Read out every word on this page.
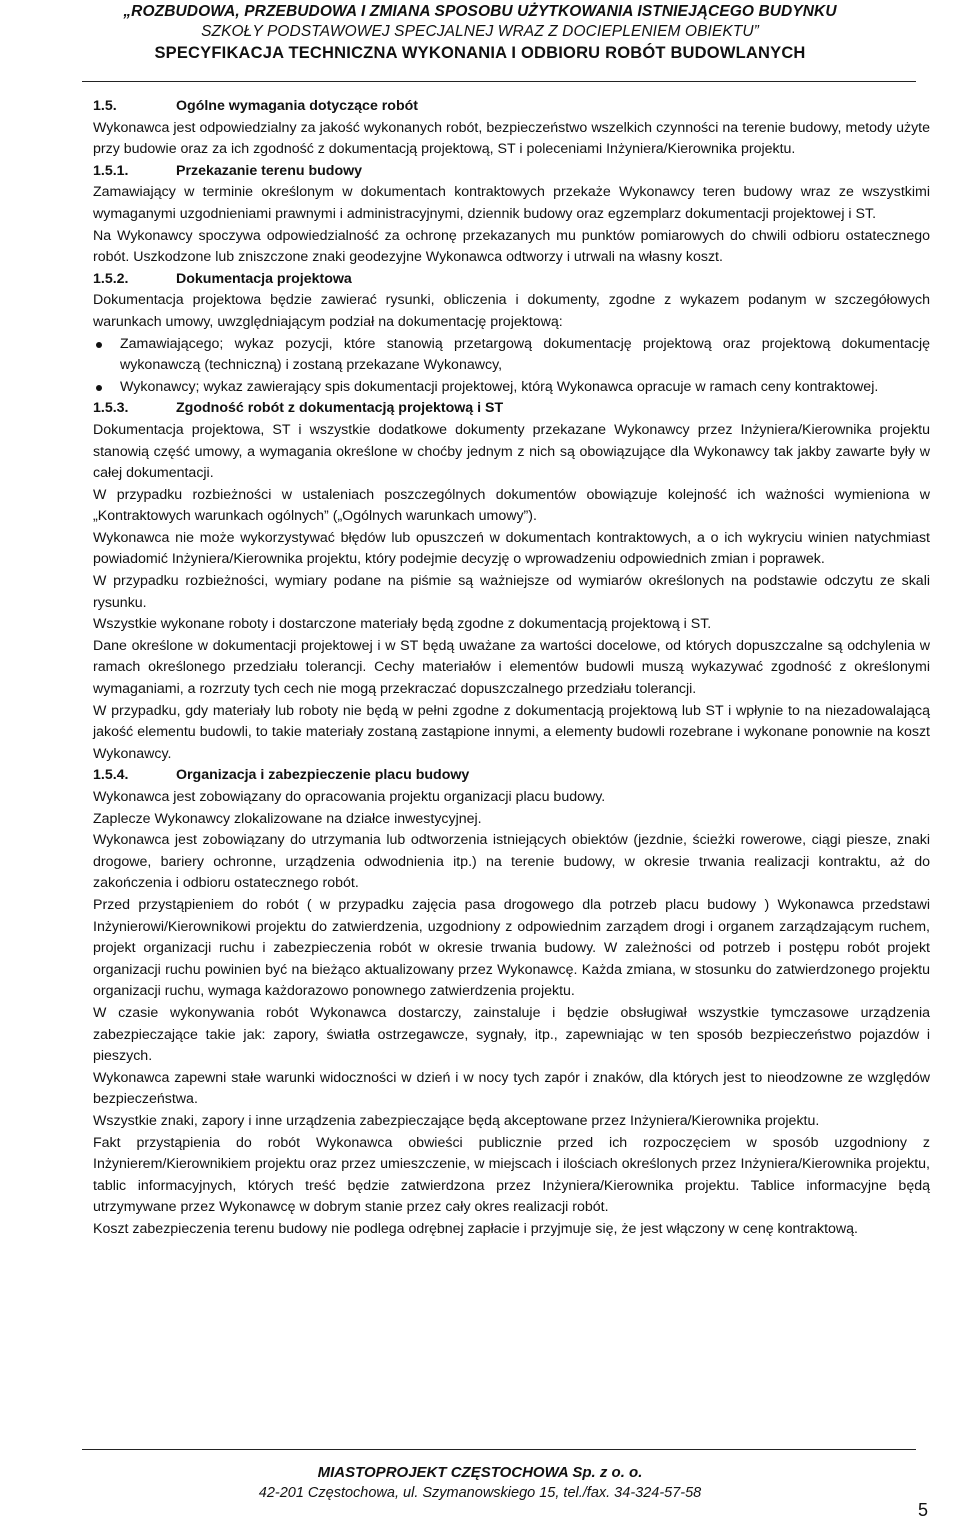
„ROZBUDOWA, PRZEBUDOWA I ZMIANA SPOSOBU UŻYTKOWANIA ISTNIEJĄCEGO BUDYNKU
SZKOŁY PODSTAWOWEJ SPECJALNEJ WRAZ Z DOCIEPLENIEM OBIEKTU”
SPECYFIKACJA TECHNICZNA WYKONANIA I ODBIORU ROBÓT BUDOWLANYCH
1.5.	Ogólne wymagania dotyczące robót

Wykonawca jest odpowiedzialny za jakość wykonanych robót, bezpieczeństwo wszelkich czynności na terenie budowy, metody użyte przy budowie oraz za ich zgodność z dokumentacją projektową, ST i poleceniami Inżyniera/Kierownika projektu.

1.5.1.	Przekazanie terenu budowy

Zamawiający w terminie określonym w dokumentach kontraktowych przekaże Wykonawcy teren budowy wraz ze wszystkimi wymaganymi uzgodnieniami prawnymi i administracyjnymi, dziennik budowy oraz egzemplarz dokumentacji projektowej i ST.

Na Wykonawcy spoczywa odpowiedzialność za ochronę przekazanych mu punktów pomiarowych do chwili odbioru ostatecznego robót. Uszkodzone lub zniszczone znaki geodezyjne Wykonawca odtworzy i utrwali na własny koszt.

1.5.2.	Dokumentacja projektowa

Dokumentacja projektowa będzie zawierać rysunki, obliczenia i dokumenty, zgodne z wykazem podanym w szczegółowych warunkach umowy, uwzględniającym podział na dokumentację projektową:

Zamawiającego; wykaz pozycji, które stanowią przetargową dokumentację projektową oraz projektową dokumentację wykonawczą (techniczną) i zostaną przekazane Wykonawcy,
Wykonawcy; wykaz zawierający spis dokumentacji projektowej, którą Wykonawca opracuje w ramach ceny kontraktowej.
1.5.3.	Zgodność robót z dokumentacją projektową i ST

Dokumentacja projektowa, ST i wszystkie dodatkowe dokumenty przekazane Wykonawcy przez Inżyniera/Kierownika projektu stanowią część umowy, a wymagania określone w choćby jednym z nich są obowiązujące dla Wykonawcy tak jakby zawarte były w całej dokumentacji.

W przypadku rozbieżności w ustaleniach poszczególnych dokumentów obowiązuje kolejność ich ważności wymieniona w „Kontraktowych warunkach ogólnych” („Ogólnych warunkach umowy”).

Wykonawca nie może wykorzystywać błędów lub opuszczeń w dokumentach kontraktowych, a o ich wykryciu winien natychmiast powiadomić Inżyniera/Kierownika projektu, który podejmie decyzję o wprowadzeniu odpowiednich zmian i poprawek.

W przypadku rozbieżności, wymiary podane na piśmie są ważniejsze od wymiarów określonych na podstawie odczytu ze skali rysunku.

Wszystkie wykonane roboty i dostarczone materiały będą zgodne z dokumentacją projektową i ST.

Dane określone w dokumentacji projektowej i w ST będą uważane za wartości docelowe, od których dopuszczalne są odchylenia w ramach określonego przedziału tolerancji. Cechy materiałów i elementów budowli muszą wykazywać zgodność z określonymi wymaganiami, a rozrzuty tych cech nie mogą przekraczać dopuszczalnego przedziału tolerancji.

W przypadku, gdy materiały lub roboty nie będą w pełni zgodne z dokumentacją projektową lub ST i wpłynie to na niezadowalającą jakość elementu budowli, to takie materiały zostaną zastąpione innymi, a elementy budowli rozebrane i wykonane ponownie na koszt Wykonawcy.

1.5.4.	Organizacja i zabezpieczenie placu budowy

Wykonawca jest zobowiązany do opracowania projektu organizacji placu budowy.

Zaplecze Wykonawcy zlokalizowane na działce inwestycyjnej.

Wykonawca jest zobowiązany do utrzymania lub odtworzenia istniejących obiektów (jezdnie, ścieżki rowerowe, ciągi piesze, znaki drogowe, bariery ochronne, urządzenia odwodnienia itp.) na terenie budowy, w okresie trwania realizacji kontraktu, aż do zakończenia i odbioru ostatecznego robót.

Przed przystąpieniem do robót ( w przypadku zajęcia pasa drogowego dla potrzeb placu budowy ) Wykonawca przedstawi Inżynierowi/Kierownikowi projektu do zatwierdzenia, uzgodniony z odpowiednim zarządem drogi i organem zarządzającym ruchem, projekt organizacji ruchu i zabezpieczenia robót w okresie trwania budowy. W zależności od potrzeb i postępu robót projekt organizacji ruchu powinien być na bieżąco aktualizowany przez Wykonawcę. Każda zmiana, w stosunku do zatwierdzonego projektu organizacji ruchu, wymaga każdorazowo ponownego zatwierdzenia projektu.

W czasie wykonywania robót Wykonawca dostarczy, zainstaluje i będzie obsługiwał wszystkie tymczasowe urządzenia zabezpieczające takie jak: zapory, światła ostrzegawcze, sygnały, itp., zapewniając w ten sposób bezpieczeństwo pojazdów i pieszych.

Wykonawca zapewni stałe warunki widoczności w dzień i w nocy tych zapór i znaków, dla których jest to nieodzowne ze względów bezpieczeństwa.

Wszystkie znaki, zapory i inne urządzenia zabezpieczające będą akceptowane przez Inżyniera/Kierownika projektu.

Fakt przystąpienia do robót Wykonawca obwieści publicznie przed ich rozpoczęciem w sposób uzgodniony z Inżynierem/Kierownikiem projektu oraz przez umieszczenie, w miejscach i ilościach określonych przez Inżyniera/Kierownika projektu, tablic informacyjnych, których treść będzie zatwierdzona przez Inżyniera/Kierownika projektu. Tablice informacyjne będą utrzymywane przez Wykonawcę w dobrym stanie przez cały okres realizacji robót.

Koszt zabezpieczenia terenu budowy nie podlega odrębnej zapłacie i przyjmuje się, że jest włączony w cenę kontraktową.

MIASTOPROJEKT CZĘSTOCHOWA Sp. z o. o.
42-201 Częstochowa, ul. Szymanowskiego 15, tel./fax. 34-324-57-58
5
